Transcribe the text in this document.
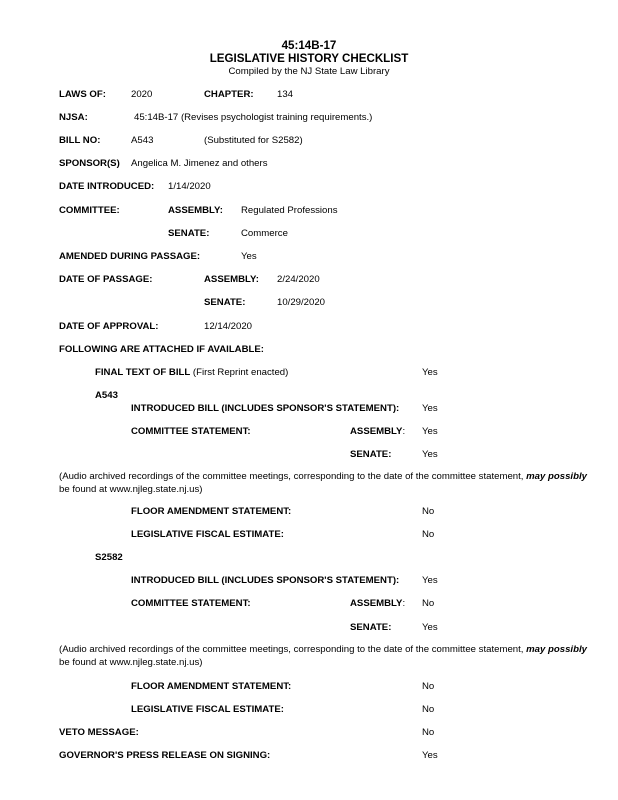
45:14B-17
LEGISLATIVE HISTORY CHECKLIST
Compiled by the NJ State Law Library
LAWS OF:	2020	CHAPTER: 134
NJSA:	45:14B-17 (Revises psychologist training requirements.)
BILL NO:	A543	(Substituted for S2582)
SPONSOR(S) Angelica M. Jimenez and others
DATE INTRODUCED: 1/14/2020
COMMITTEE:	ASSEMBLY: Regulated Professions
SENATE:	Commerce
AMENDED DURING PASSAGE:	Yes
DATE OF PASSAGE:	ASSEMBLY: 2/24/2020
SENATE:	10/29/2020
DATE OF APPROVAL:	12/14/2020
FOLLOWING ARE ATTACHED IF AVAILABLE:
FINAL TEXT OF BILL (First Reprint enacted)	Yes
A543
INTRODUCED BILL (INCLUDES SPONSOR'S STATEMENT): Yes
COMMITTEE STATEMENT:	ASSEMBLY: Yes
SENATE:	Yes
(Audio archived recordings of the committee meetings, corresponding to the date of the committee statement, may possibly
be found at www.njleg.state.nj.us)
FLOOR AMENDMENT STATEMENT:	No
LEGISLATIVE FISCAL ESTIMATE:	No
S2582
INTRODUCED BILL (INCLUDES SPONSOR'S STATEMENT): Yes
COMMITTEE STATEMENT:	ASSEMBLY: No
SENATE:	Yes
(Audio archived recordings of the committee meetings, corresponding to the date of the committee statement, may possibly
be found at www.njleg.state.nj.us)
FLOOR AMENDMENT STATEMENT:	No
LEGISLATIVE FISCAL ESTIMATE:	No
VETO MESSAGE:	No
GOVERNOR'S PRESS RELEASE ON SIGNING:	Yes
